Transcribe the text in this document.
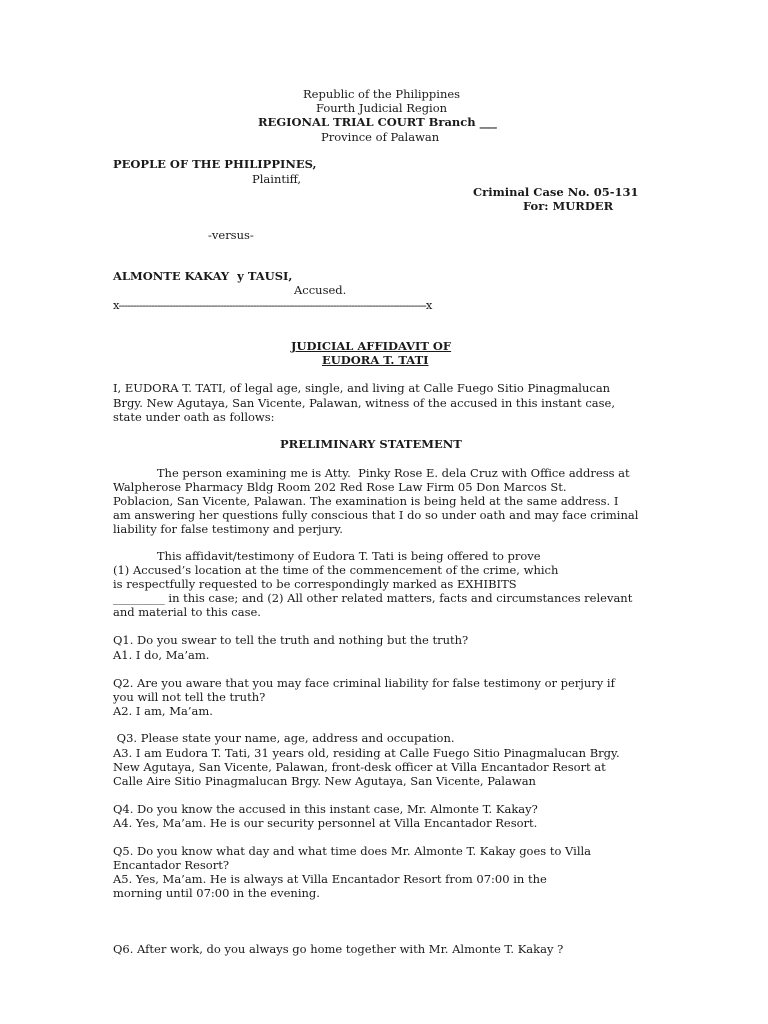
Republic of the Philippines
Fourth Judicial Region
REGIONAL TRIAL COURT Branch ___
Province of Palawan
PEOPLE OF THE PHILIPPINES,
Plaintiff,
Criminal Case No. 05-131
For: MURDER
-versus-
ALMONTE KAKAY  y TAUSI,
Accused.
x-------------------------------------------------------------------------------------------------------x
JUDICIAL AFFIDAVIT OF
EUDORA T. TATI
I, EUDORA T. TATI, of legal age, single, and living at Calle Fuego Sitio Pinagmalucan
Brgy. New Agutaya, San Vicente, Palawan, witness of the accused in this instant case,
state under oath as follows:
PRELIMINARY STATEMENT
The person examining me is Atty.  Pinky Rose E. dela Cruz with Office address at
Walpherose Pharmacy Bldg Room 202 Red Rose Law Firm 05 Don Marcos St.
Poblacion, San Vicente, Palawan. The examination is being held at the same address. I
am answering her questions fully conscious that I do so under oath and may face criminal
liability for false testimony and perjury.
This affidavit/testimony of Eudora T. Tati is being offered to prove
(1) Accused’s location at the time of the commencement of the crime, which
is respectfully requested to be correspondingly marked as EXHIBITS
_________ in this case; and (2) All other related matters, facts and circumstances relevant
and material to this case.
Q1. Do you swear to tell the truth and nothing but the truth?
A1. I do, Ma’am.
Q2. Are you aware that you may face criminal liability for false testimony or perjury if
you will not tell the truth?
A2. I am, Ma’am.
Q3. Please state your name, age, address and occupation.
A3. I am Eudora T. Tati, 31 years old, residing at Calle Fuego Sitio Pinagmalucan Brgy.
New Agutaya, San Vicente, Palawan, front-desk officer at Villa Encantador Resort at
Calle Aire Sitio Pinagmalucan Brgy. New Agutaya, San Vicente, Palawan
Q4. Do you know the accused in this instant case, Mr. Almonte T. Kakay?
A4. Yes, Ma’am. He is our security personnel at Villa Encantador Resort.
Q5. Do you know what day and what time does Mr. Almonte T. Kakay goes to Villa
Encantador Resort?
A5. Yes, Ma’am. He is always at Villa Encantador Resort from 07:00 in the
morning until 07:00 in the evening.
Q6. After work, do you always go home together with Mr. Almonte T. Kakay ?
